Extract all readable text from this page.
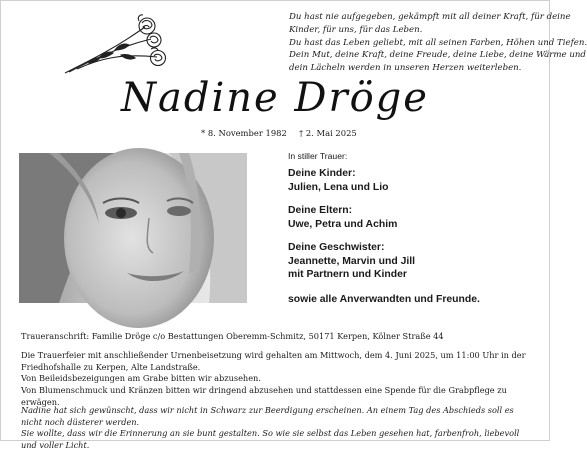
Du hast nie aufgegeben, gekämpft mit all deiner Kraft, für deine
Kinder, für uns, für das Leben.
Du hast das Leben geliebt, mit all seinen Farben, Höhen und Tiefen.
Dein Mut, deine Kraft, deine Freude, deine Liebe, deine Wärme und
dein Lächeln werden in unseren Herzen weiterleben.
Nadine Dröge
* 8. November 1982 † 2. Mai 2025
In stiller Trauer:
Deine Kinder:
Julien, Lena und Lio
Deine Eltern:
Uwe, Petra und Achim
Deine Geschwister:
Jeannette, Marvin und Jill
mit Partnern und Kinder
sowie alle Anverwandten und Freunde.
Traueranschrift: Familie Dröge c/o Bestattungen Oberemm-Schmitz, 50171 Kerpen, Kölner Straße 44
Die Trauerfeier mit anschließender Urnenbeisetzung wird gehalten am Mittwoch, dem 4. Juni 2025, um 11:00 Uhr in der
Friedhofshalle zu Kerpen, Alte Landstraße.
Von Beileidsbezeigungen am Grabe bitten wir abzusehen.
Von Blumenschmuck und Kränzen bitten wir dringend abzusehen und stattdessen eine Spende für die Grabpflege zu erwägen.
Nadine hat sich gewünscht, dass wir nicht in Schwarz zur Beerdigung erscheinen. An einem Tag des Abschieds soll es nicht noch düsterer werden.
Sie wollte, dass wir die Erinnerung an sie bunt gestalten. So wie sie selbst das Leben gesehen hat, farbenfroh, liebevoll und voller Licht.
